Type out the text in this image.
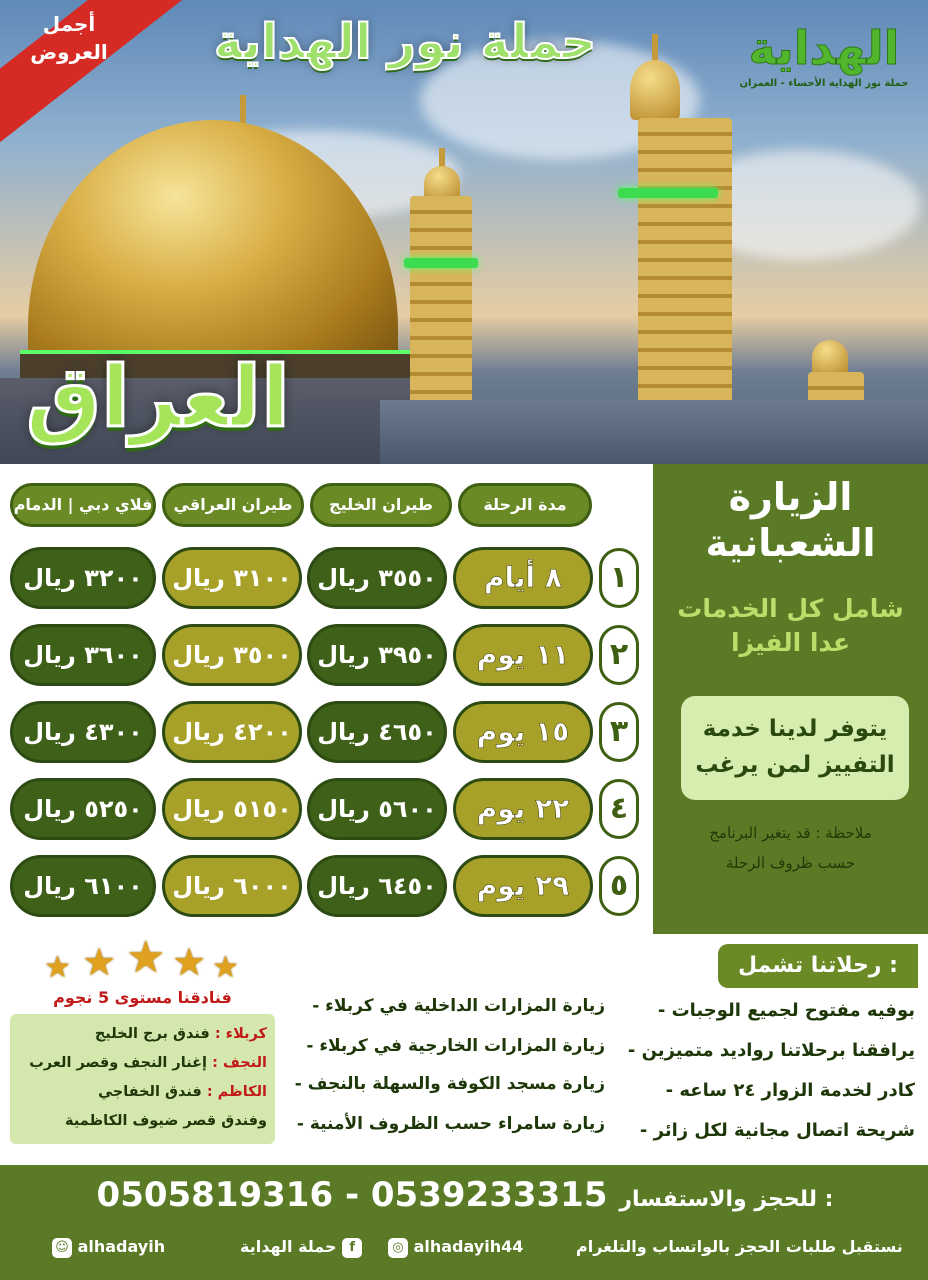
أجمل العروض	حملة نور الهداية	الهداية
حملة نور الهداية الأحساء - العمران
العراق
الزيارة الشعبانية
شامل كل الخدمات
عدا الفيزا
يتوفر لدينا خدمة
التفييز لمن يرغب
ملاحظة : قد يتغير البرنامج
حسب ظروف الرحلة
مدة الرحلة
طيران الخليج
طيران العراقي
فلاي دبي | الدمام
١
٨ أيام
٣٥٥٠ ريال
٣١٠٠ ريال
٣٢٠٠ ريال
٢
١١ يوم
٣٩٥٠ ريال
٣٥٠٠ ريال
٣٦٠٠ ريال
٣
١٥ يوم
٤٦٥٠ ريال
٤٢٠٠ ريال
٤٣٠٠ ريال
٤
٢٢ يوم
٥٦٠٠ ريال
٥١٥٠ ريال
٥٢٥٠ ريال
٥
٢٩ يوم
٦٤٥٠ ريال
٦٠٠٠ ريال
٦١٠٠ ريال
رحلاتنا تشمل :
- بوفيه مفتوح لجميع الوجبات
- يرافقنا برحلاتنا رواديد متميزين
- كادر لخدمة الزوار ٢٤ ساعه
- شريحة اتصال مجانية لكل زائر
- زيارة المزارات الداخلية في كربلاء
- زيارة المزارات الخارجية في كربلاء
- زيارة مسجد الكوفة والسهلة بالنجف
- زيارة سامراء حسب الظروف الأمنية
★ ★ ★ ★ ★
فنادقنا مستوى 5 نجوم
كربلاء : فندق برج الخليج
النجف : إغنار النجف وقصر العرب
الكاظم : فندق الخفاجي
وفندق قصر ضيوف الكاظمية
0505819316 - 0539233315 للحجز والاستفسار :
نستقبل طلبات الحجز بالواتساب والتلغرام
◎ alhadayih44
حملة الهداية f
☺ alhadayih
